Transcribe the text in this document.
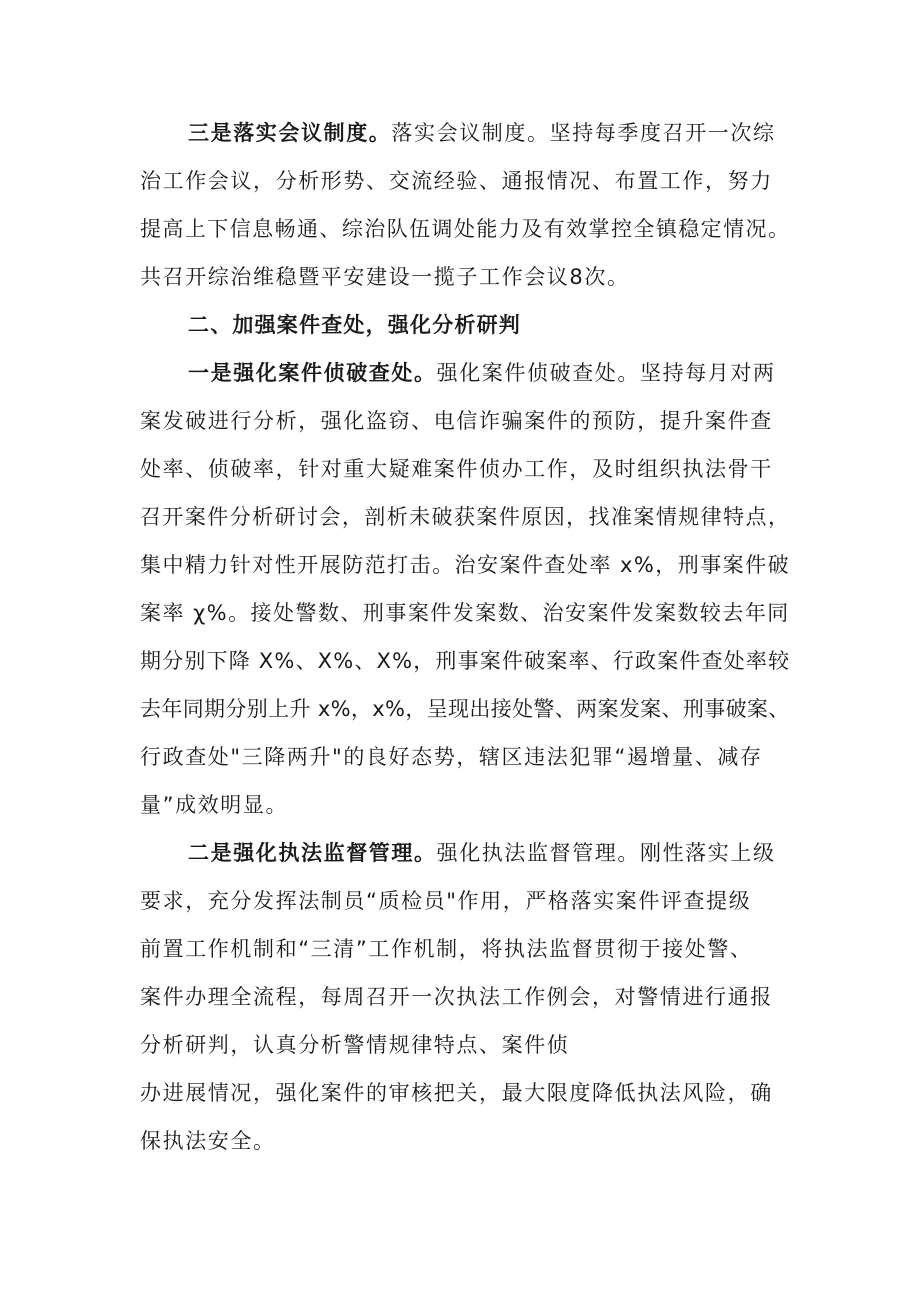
三是落实会议制度。落实会议制度。坚持每季度召开一次综
治工作会议，分析形势、交流经验、通报情况、布置工作，努力
提高上下信息畅通、综治队伍调处能力及有效掌控全镇稳定情况。
共召开综治维稳暨平安建设一揽子工作会议8次。
二、加强案件查处，强化分析研判
一是强化案件侦破查处。强化案件侦破查处。坚持每月对两
案发破进行分析，强化盗窃、电信诈骗案件的预防，提升案件查
处率、侦破率，针对重大疑难案件侦办工作，及时组织执法骨干
召开案件分析研讨会，剖析未破获案件原因，找准案情规律特点，
集中精力针对性开展防范打击。治安案件查处率 x%，刑事案件破
案率 χ%。接处警数、刑事案件发案数、治安案件发案数较去年同
期分别下降 X%、X%、X%，刑事案件破案率、行政案件查处率较
去年同期分别上升 x%，x%，呈现出接处警、两案发案、刑事破案、
行政查处"三降两升"的良好态势，辖区违法犯罪“遏增量、减存
量”成效明显。
二是强化执法监督管理。强化执法监督管理。刚性落实上级
要求，充分发挥法制员“质检员"作用，严格落实案件评查提级
前置工作机制和“三清”工作机制，将执法监督贯彻于接处警、
案件办理全流程，每周召开一次执法工作例会，对警情进行通报
分析研判，认真分析警情规律特点、案件侦
办进展情况，强化案件的审核把关，最大限度降低执法风险，确
保执法安全。
